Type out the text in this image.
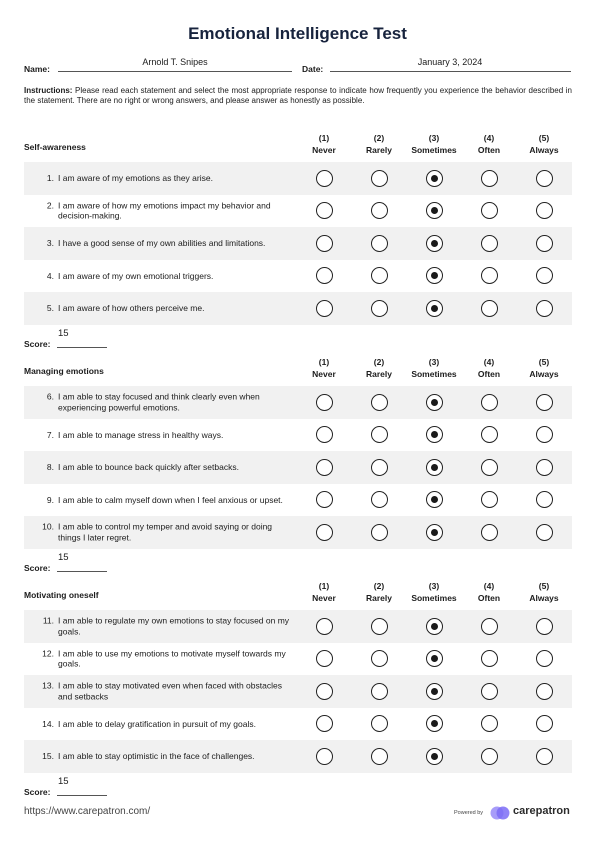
Emotional Intelligence Test
Name:
Arnold T. Snipes
Date:
January 3, 2024
Instructions: Please read each statement and select the most appropriate response to indicate how frequently you experience the behavior described in the statement. There are no right or wrong answers, and please answer as honestly as possible.
Self-awareness
(1)
Never
(2)
Rarely
(3)
Sometimes
(4)
Often
(5)
Always
1. I am aware of my emotions as they arise.
2. I am aware of how my emotions impact my behavior and decision-making.
3. I have a good sense of my own abilities and limitations.
4. I am aware of my own emotional triggers.
5. I am aware of how others perceive me.
Score:
15
Managing emotions
(1)
Never
(2)
Rarely
(3)
Sometimes
(4)
Often
(5)
Always
6. I am able to stay focused and think clearly even when experiencing powerful emotions.
7. I am able to manage stress in healthy ways.
8. I am able to bounce back quickly after setbacks.
9. I am able to calm myself down when I feel anxious or upset.
10. I am able to control my temper and avoid saying or doing things I later regret.
Score:
15
Motivating oneself
(1)
Never
(2)
Rarely
(3)
Sometimes
(4)
Often
(5)
Always
11. I am able to regulate my own emotions to stay focused on my goals.
12. I am able to use my emotions to motivate myself towards my goals.
13. I am able to stay motivated even when faced with obstacles and setbacks
14. I am able to delay gratification in pursuit of my goals.
15. I am able to stay optimistic in the face of challenges.
Score:
15
https://www.carepatron.com/	Powered by	carepatron
